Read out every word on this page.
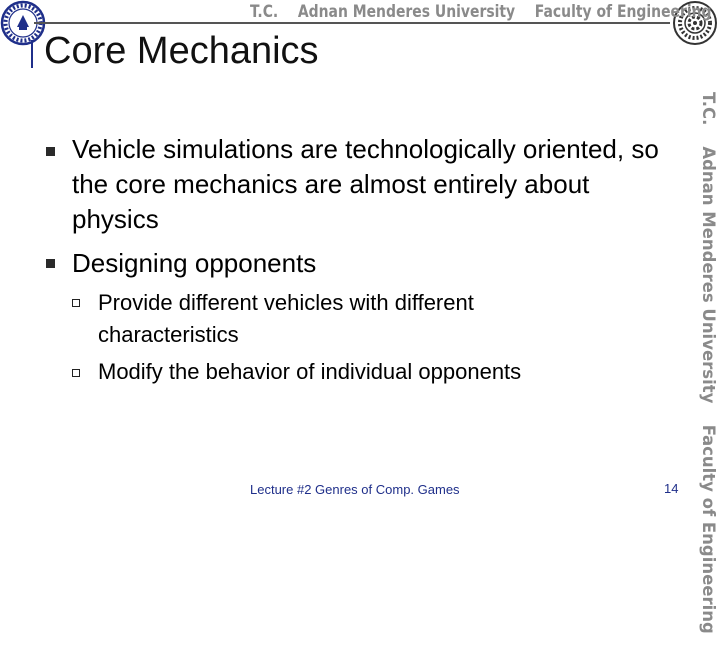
T.C. Adnan Menderes University Faculty of Engineering
Core Mechanics
T.C. Adnan Menderes University Faculty of Engineering
Vehicle simulations are technologically oriented, so the core mechanics are almost entirely about physics
Designing opponents
Provide different vehicles with different characteristics
Modify the behavior of individual opponents
Lecture #2 Genres of Comp. Games	14
